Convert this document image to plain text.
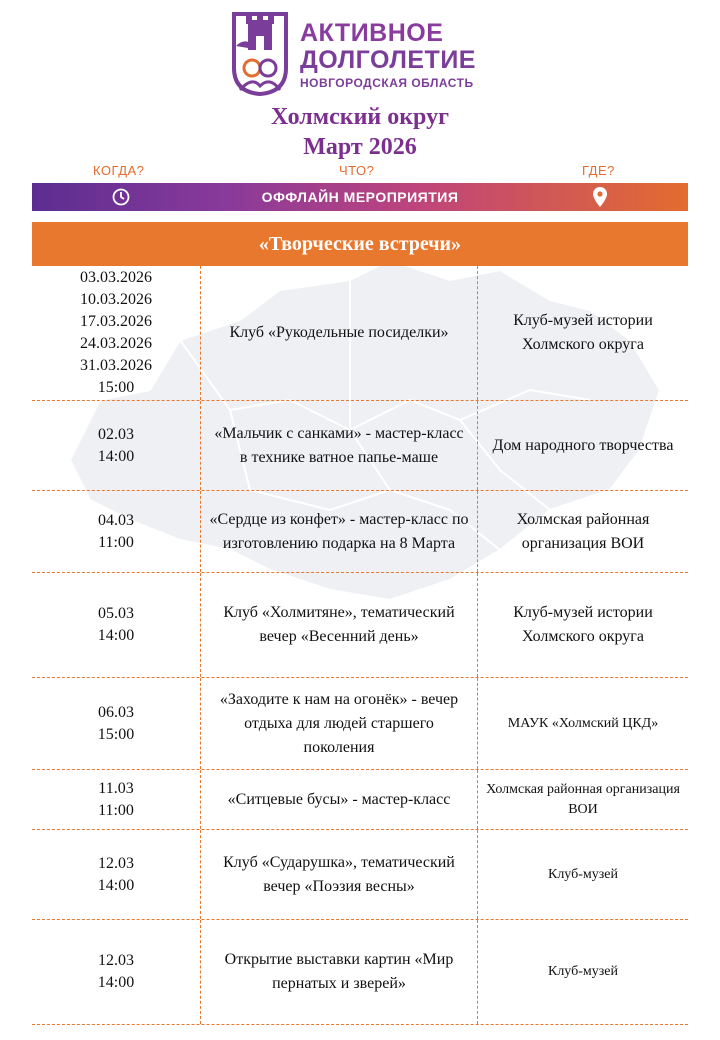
АКТИВНОЕ
ДОЛГОЛЕТИЕ
НОВГОРОДСКАЯ ОБЛАСТЬ
Холмский округ
Март 2026
КОГДА?	ЧТО?	ГДЕ?
ОФФЛАЙН МЕРОПРИЯТИЯ
«Творческие встречи»
03.03.2026
10.03.2026
17.03.2026
24.03.2026
31.03.2026
15:00
Клуб «Рукодельные посиделки»
Клуб-музей истории Холмского округа
02.03
14:00
«Мальчик с санками» - мастер-класс в технике ватное папье-маше
Дом народного творчества
04.03
11:00
«Сердце из конфет» - мастер-класс по изготовлению подарка на 8 Марта
Холмская районная организация ВОИ
05.03
14:00
Клуб «Холмитяне», тематический вечер «Весенний день»
Клуб-музей истории Холмского округа
06.03
15:00
«Заходите к нам на огонёк» - вечер отдыха для людей старшего поколения
МАУК «Холмский ЦКД»
11.03
11:00
«Ситцевые бусы» - мастер-класс
Холмская районная организация ВОИ
12.03
14:00
Клуб «Сударушка», тематический вечер «Поэзия весны»
Клуб-музей
12.03
14:00
Открытие выставки картин «Мир пернатых и зверей»
Клуб-музей
